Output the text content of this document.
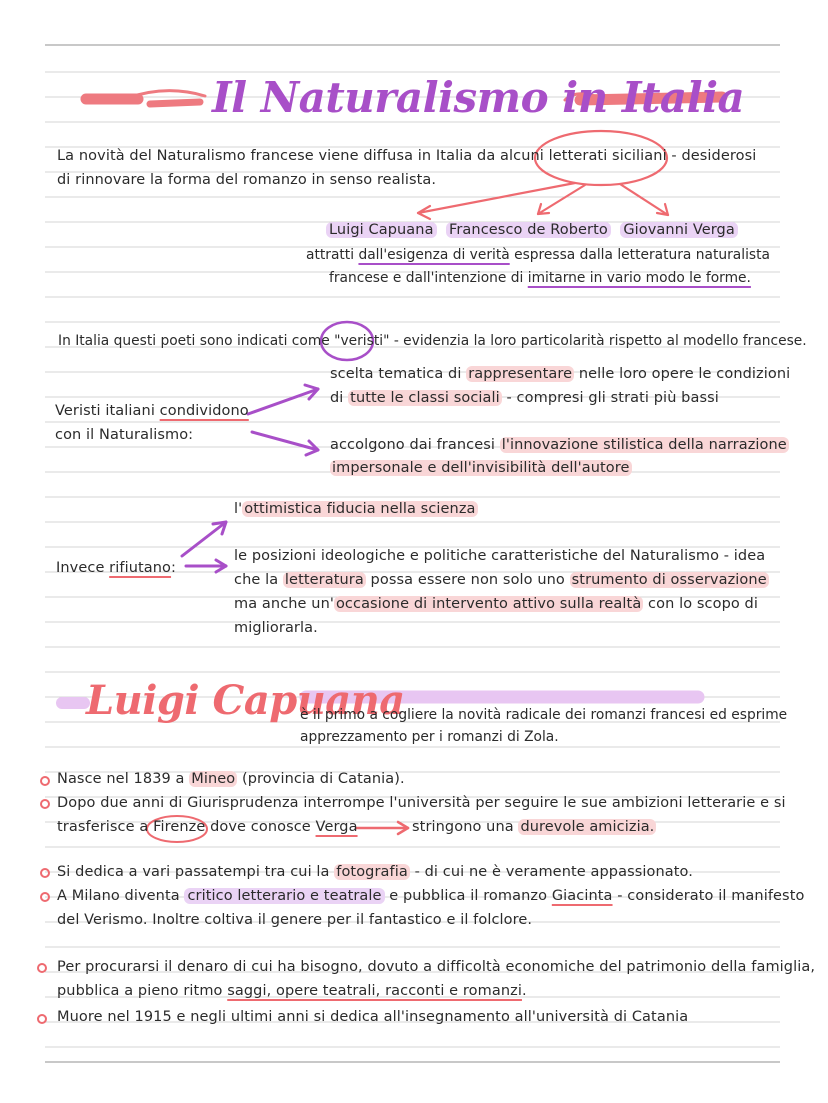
Il Naturalismo in Italia
La novità del Naturalismo francese viene diffusa in Italia da alcuni letterati siciliani - desiderosi
di rinnovare la forma del romanzo in senso realista.
Luigi Capuana Francesco de Roberto Giovanni Verga
attratti dall'esigenza di verità espressa dalla letteratura naturalista
francese e dall'intenzione di imitarne in vario modo le forme.
In Italia questi poeti sono indicati come "veristi" - evidenzia la loro particolarità rispetto al modello francese.
Veristi italiani condividono
con il Naturalismo:
scelta tematica di rappresentare nelle loro opere le condizioni
di tutte le classi sociali - compresi gli strati più bassi
accolgono dai francesi l'innovazione stilistica della narrazione
impersonale e dell'invisibilità dell'autore
Invece rifiutano:
l' ottimistica fiducia nella scienza
le posizioni ideologiche e politiche caratteristiche del Naturalismo - idea
che la letteratura possa essere non solo uno strumento di osservazione
ma anche un' occasione di intervento attivo sulla realtà con lo scopo di
migliorarla.
Luigi Capuana
è il primo a cogliere la novità radicale dei romanzi francesi ed esprime
apprezzamento per i romanzi di Zola.
Nasce nel 1839 a Mineo (provincia di Catania).
Dopo due anni di Giurisprudenza interrompe l'università per seguire le sue ambizioni letterarie e si
trasferisce a Firenze dove conosce Verga	stringono una durevole amicizia.
Si dedica a vari passatempi tra cui la fotografia - di cui ne è veramente appassionato.
A Milano diventa critico letterario e teatrale e pubblica il romanzo Giacinta - considerato il manifesto
del Verismo. Inoltre coltiva il genere per il fantastico e il folclore.
Per procurarsi il denaro di cui ha bisogno, dovuto a difficoltà economiche del patrimonio della famiglia,
pubblica a pieno ritmo saggi, opere teatrali, racconti e romanzi.
Muore nel 1915 e negli ultimi anni si dedica all'insegnamento all'università di Catania
